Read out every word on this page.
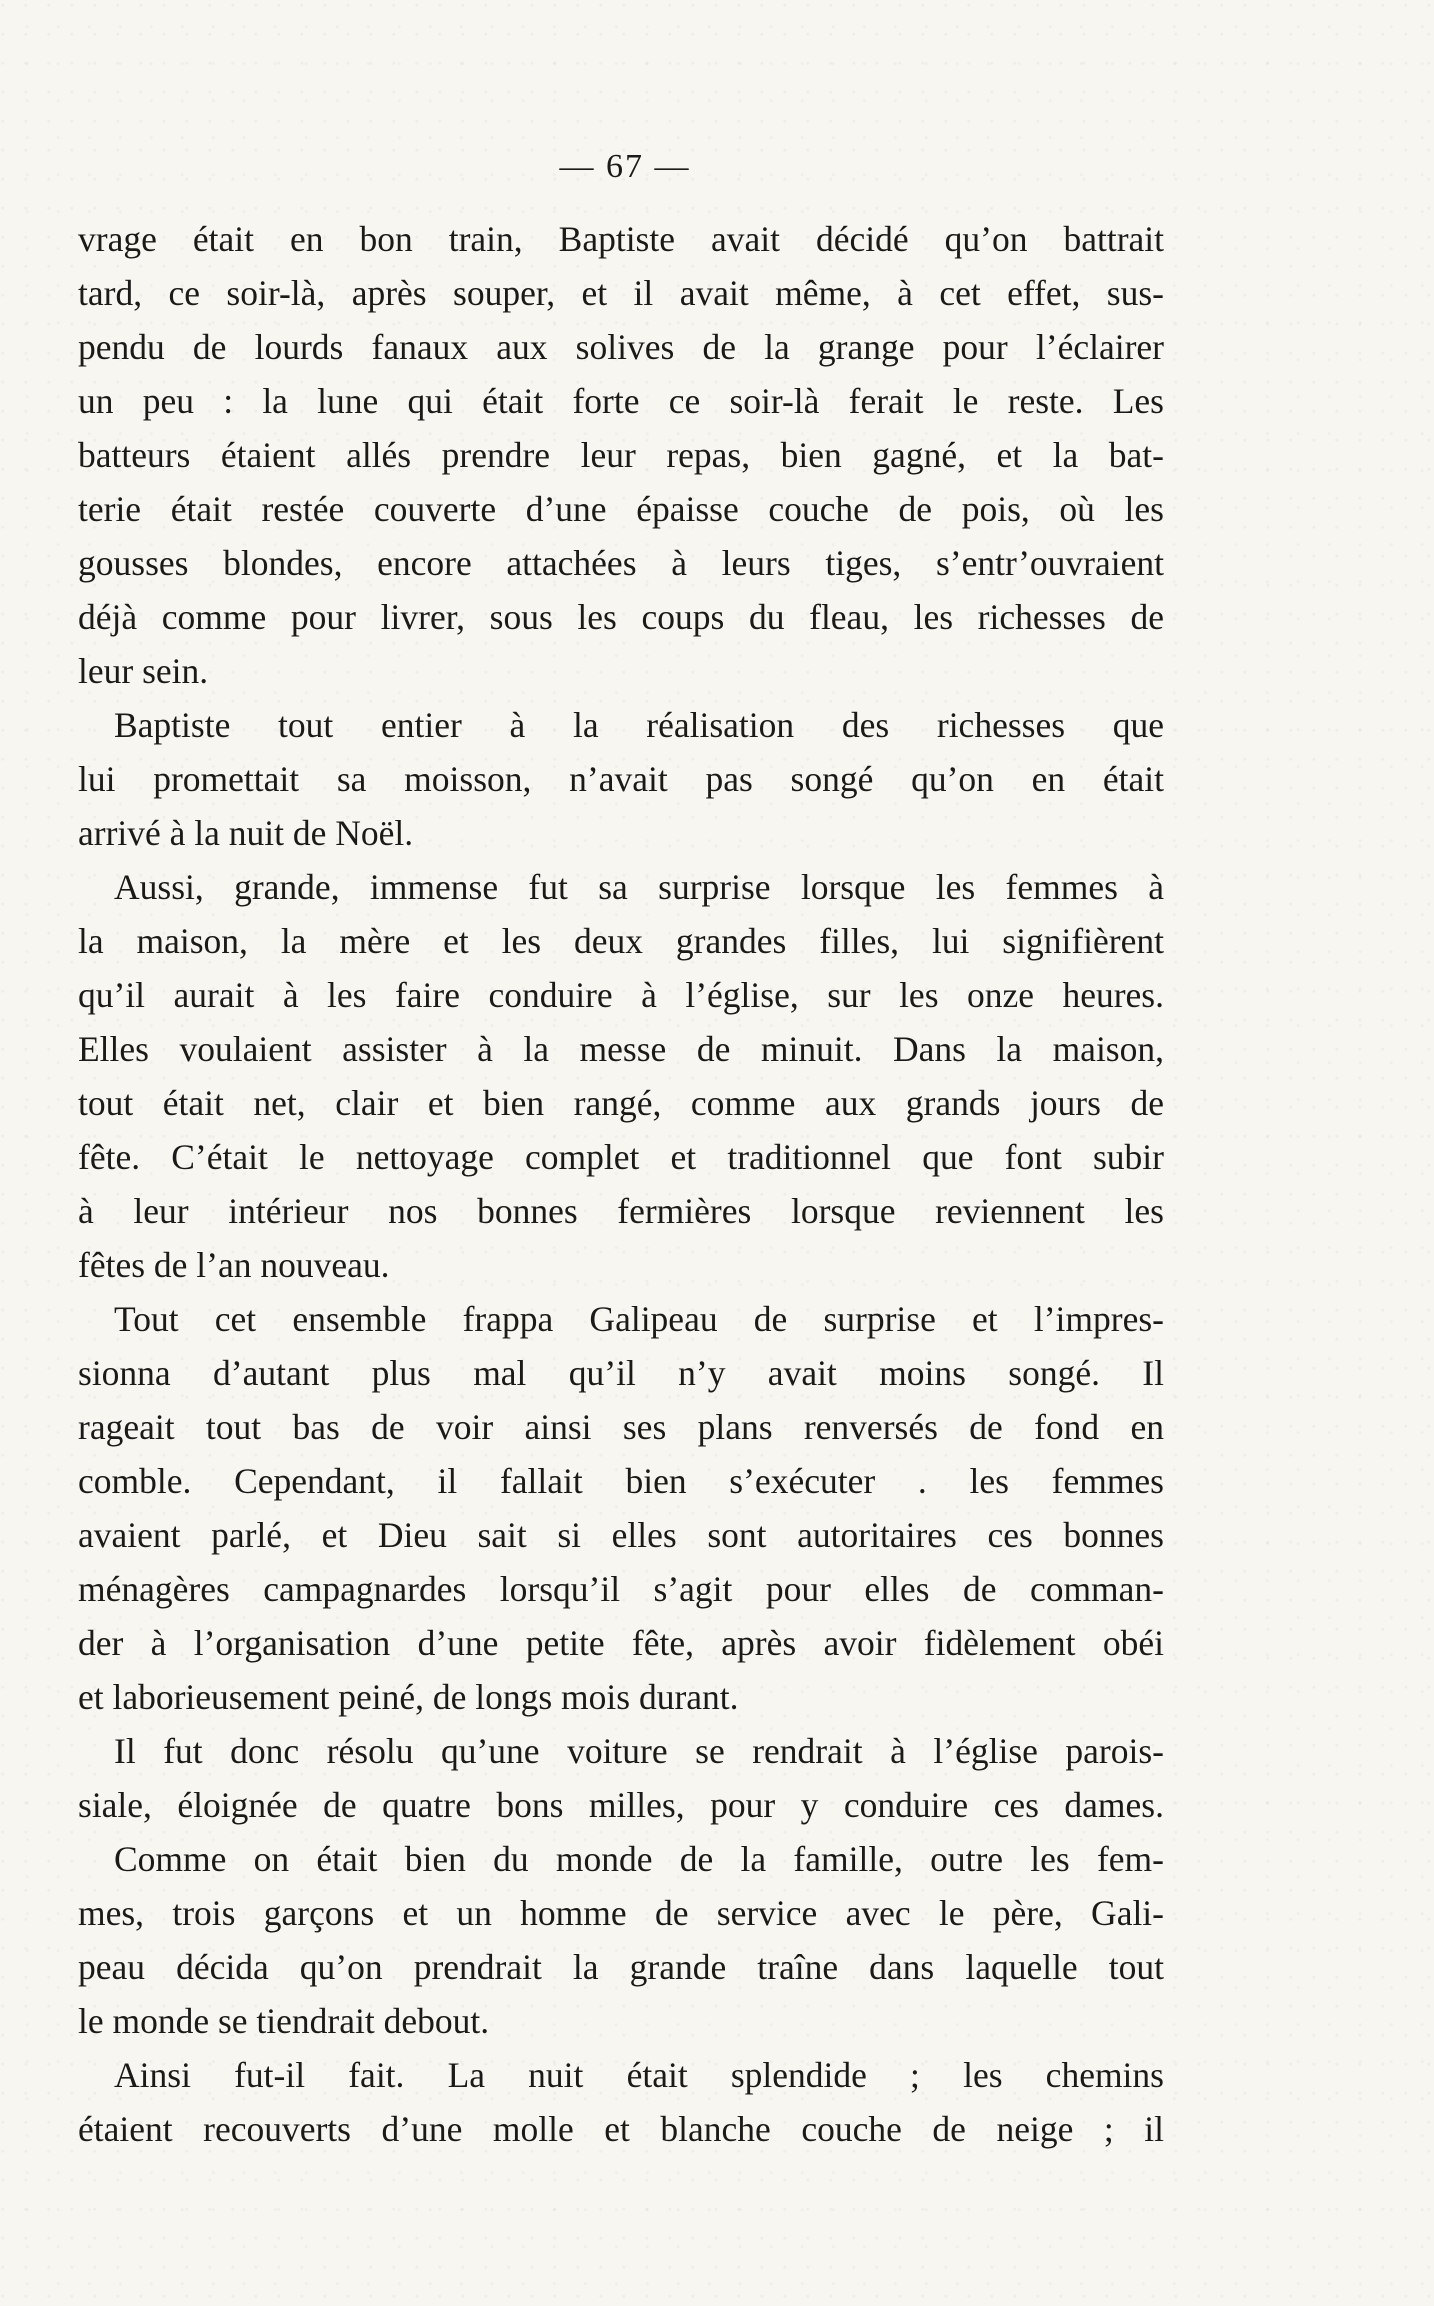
— 67 —
vrage était en bon train, Baptiste avait décidé qu’on battrait
tard, ce soir-là, après souper, et il avait même, à cet effet, sus-
pendu de lourds fanaux aux solives de la grange pour l’éclairer
un peu : la lune qui était forte ce soir-là ferait le reste. Les
batteurs étaient allés prendre leur repas, bien gagné, et la bat-
terie était restée couverte d’une épaisse couche de pois, où les
gousses blondes, encore attachées à leurs tiges, s’entr’ouvraient
déjà comme pour livrer, sous les coups du fleau, les richesses de
leur sein.
Baptiste tout entier à la réalisation des richesses que
lui promettait sa moisson, n’avait pas songé qu’on en était
arrivé à la nuit de Noël.
Aussi, grande, immense fut sa surprise lorsque les femmes à
la maison, la mère et les deux grandes filles, lui signifièrent
qu’il aurait à les faire conduire à l’église, sur les onze heures.
Elles voulaient assister à la messe de minuit. Dans la maison,
tout était net, clair et bien rangé, comme aux grands jours de
fête. C’était le nettoyage complet et traditionnel que font subir
à leur intérieur nos bonnes fermières lorsque reviennent les
fêtes de l’an nouveau.
Tout cet ensemble frappa Galipeau de surprise et l’impres-
sionna d’autant plus mal qu’il n’y avait moins songé. Il
rageait tout bas de voir ainsi ses plans renversés de fond en
comble. Cependant, il fallait bien s’exécuter . les femmes
avaient parlé, et Dieu sait si elles sont autoritaires ces bonnes
ménagères campagnardes lorsqu’il s’agit pour elles de comman-
der à l’organisation d’une petite fête, après avoir fidèlement obéi
et laborieusement peiné, de longs mois durant.
Il fut donc résolu qu’une voiture se rendrait à l’église parois-
siale, éloignée de quatre bons milles, pour y conduire ces dames.
Comme on était bien du monde de la famille, outre les fem-
mes, trois garçons et un homme de service avec le père, Gali-
peau décida qu’on prendrait la grande traîne dans laquelle tout
le monde se tiendrait debout.
Ainsi fut-il fait. La nuit était splendide ; les chemins
étaient recouverts d’une molle et blanche couche de neige ; il
